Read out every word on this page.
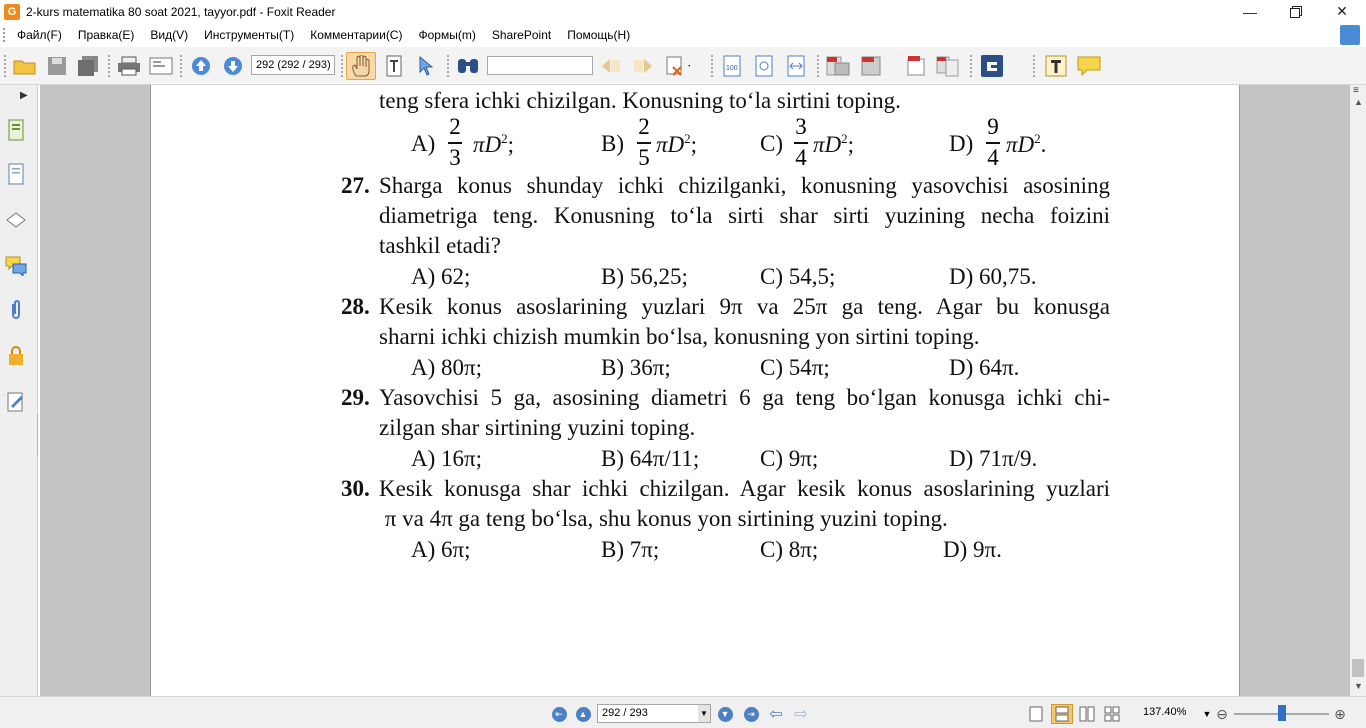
G 2-kurs matematika 80 soat 2021, tayyor.pdf - Foxit Reader	—	✕
Файл(F)	Правка(E)	Вид(V)	Инструменты(T)	Комментарии(C)	Формы(m)	SharePoint	Помощь(H)
292 (292 / 293)
100
▶	teng sfera ichki chizilgan. Konusning to‘la sirtini toping.
A)
2
3
$\pi D^2$;	B)
2
5
$\pi D^2$;	C)
3
4
$\pi D^2$;	D)
9
4
$\pi D^2$.
27. Sharga konus shunday ichki chizilganki, konusning yasovchisi asosining
diametriga teng. Konusning to‘la sirti shar sirti yuzining necha foizini
tashkil etadi?
A) 62;	B) 56,25;	C) 54,5;	D) 60,75.
28. Kesik konus asoslarining yuzlari 9π va 25π ga teng. Agar bu konusga
sharni ichki chizish mumkin bo‘lsa, konusning yon sirtini toping.
A) 80π;	B) 36π;	C) 54π;	D) 64π.
29. Yasovchisi 5 ga, asosining diametri 6 ga teng bo‘lgan konusga ichki chi-
zilgan shar sirtining yuzini toping.
A) 16π;	B) 64π/11;	C) 9π;	D) 71π/9.
30. Kesik konusga shar ichki chizilgan. Agar kesik konus asoslarining yuzlari
π va 4π ga teng bo‘lsa, shu konus yon sirtining yuzini toping.
A) 6π;	B) 7π;	C) 8π;	D) 9π.
≡
▲
▼
⇤	▲	292 / 293	▼	▼	⇥ ⇦ ⇨	137.40%	▼ ⊖	⊕
